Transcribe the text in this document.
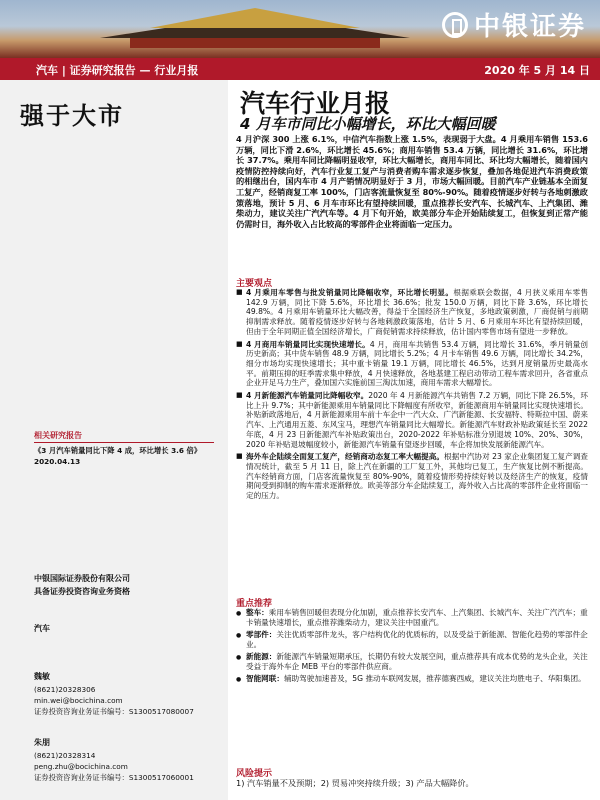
中银证券
汽车 | 证券研究报告 — 行业月报	2020 年 5 月 14 日
强于大市	汽车行业月报
4 月车市同比小幅增长，环比大幅回暖
4 月沪深 300 上涨 6.1%，中信汽车指数上涨 1.5%，表现弱于大盘。4 月乘用车销售 153.6 万辆，同比下滑 2.6%，环比增长 45.6%；商用车销售 53.4 万辆，同比增长 31.6%，环比增长 37.7%。乘用车同比降幅明显收窄，环比大幅增长，商用车同比、环比均大幅增长，随着国内疫情防控持续向好，汽车行业复工复产与消费者购车需求逐步恢复，叠加各地促进汽车消费政策的相继出台，国内车市 4 月产销情况明显好于 3 月，市场大幅回暖。目前汽车产业链基本全面复工复产，经销商复工率 100%，门店客流量恢复至 80%-90%。随着疫情逐步好转与各地刺激政策落地，预计 5 月、6 月车市环比有望持续回暖，重点推荐长安汽车、长城汽车、上汽集团、潍柴动力，建议关注广汽汽车等。4 月下旬开始，欧美部分车企开始陆续复工，但恢复到正常产能仍需时日，海外收入占比较高的零部件企业将面临一定压力。
主要观点
■ 4 月乘用车零售与批发销量同比降幅收窄，环比增长明显。根据乘联会数据，4 月狭义乘用车零售 142.9 万辆，同比下降 5.6%，环比增长 36.6%；批发 150.0 万辆，同比下降 3.6%，环比增长 49.8%。4 月乘用车销量环比大幅改善，得益于全国经济生产恢复，多地政策刺激，厂商促销与前期抑制需求释放。随着疫情逐步好转与各地刺激政策落地，估计 5 月、6 月乘用车环比有望持续回暖，但由于全年同期正值全国经济增长，广商促销需求持续释放，估计国内零售市场有望进一步释放。
■ 4 月商用车销量同比实现快速增长。4 月，商用车共销售 53.4 万辆，同比增长 31.6%，季月销量创历史新高；其中货车销售 48.9 万辆，同比增长 5.2%；4 月卡车销售 49.6 万辆，同比增长 34.2%，细分市场均实现快速增长；其中重卡销量 19.1 万辆，同比增长 46.5%，达到月度销量历史最高水平。前期压抑的旺季需求集中释放，4 月快速释放，各地基建工程启动带动工程车需求回升，各省重点企业开足马力生产，叠加国六实施前国三淘汰加速，商用车需求大幅增长。
■ 4 月新能源汽车销量同比降幅收窄。2020 年 4 月新能源汽车共销售 7.2 万辆，同比下降 26.5%，环比上升 9.7%；其中新能源乘用车销量同比下降幅度有所收窄，新能源商用车销量同比实现快速增长。补贴新政落地后，4 月新能源乘用车前十车企中一汽大众、广汽新能源、长安福特、特斯拉中国、蔚来汽车、上汽通用五菱、东风宝马，理想汽车销量同比大幅增长。新能源汽车财政补贴政策延长至 2022 年底，4 月 23 日新能源汽车补贴政策出台，2020-2022 年补贴标准分别退坡 10%、20%、30%，2020 年补贴退坡幅度较小，新能源汽车销量有望逐步回暖，车企将加快发展新能源汽车。
■ 海外车企陆续全面复工复产，经销商动态复工率大幅提高。根据中汽协对 23 家企业集团复工复产调查情况统计，截至 5 月 11 日，除上汽在新疆的工厂复工外，其他均已复工，生产恢复比例不断提高。汽车经销商方面，门店客流量恢复至 80%-90%，随着疫情形势持续好转以及经济生产的恢复，疫情期间受到抑制的购车需求逐渐释放。欧美等部分车企陆续复工，海外收入占比高的零部件企业将面临一定的压力。
重点推荐
● 整车：乘用车销售回暖但表现分化加剧，重点推荐长安汽车、上汽集团、长城汽车、关注广汽汽车；重卡销量快速增长，重点推荐潍柴动力，建议关注中国重汽。
● 零部件：关注优质零部件龙头，客户结构优化的优质标的，以及受益于新能源、智能化趋势的零部件企业。
● 新能源：新能源汽车销量短期承压，长期仍有较大发展空间，重点推荐具有成本优势的龙头企业，关注受益于海外车企 MEB 平台的零部件供应商。
● 智能网联：辅助驾驶加速普及，5G 推动车联网发展，推荐德赛西威，建议关注均胜电子、华阳集团。
风险提示
1) 汽车销量不及预期；2) 贸易冲突持续升级；3) 产品大幅降价。
相关研究报告
《3 月汽车销量同比下降 4 成，环比增长 3.6 倍》
2020.04.13
中银国际证券股份有限公司
具备证券投资咨询业务资格
汽车
魏敏
(8621)20328306
min.wei@bocichina.com
证券投资咨询业务证书编号：S1300517080007
朱朋
(8621)20328314
peng.zhu@bocichina.com
证券投资咨询业务证书编号：S1300517060001
